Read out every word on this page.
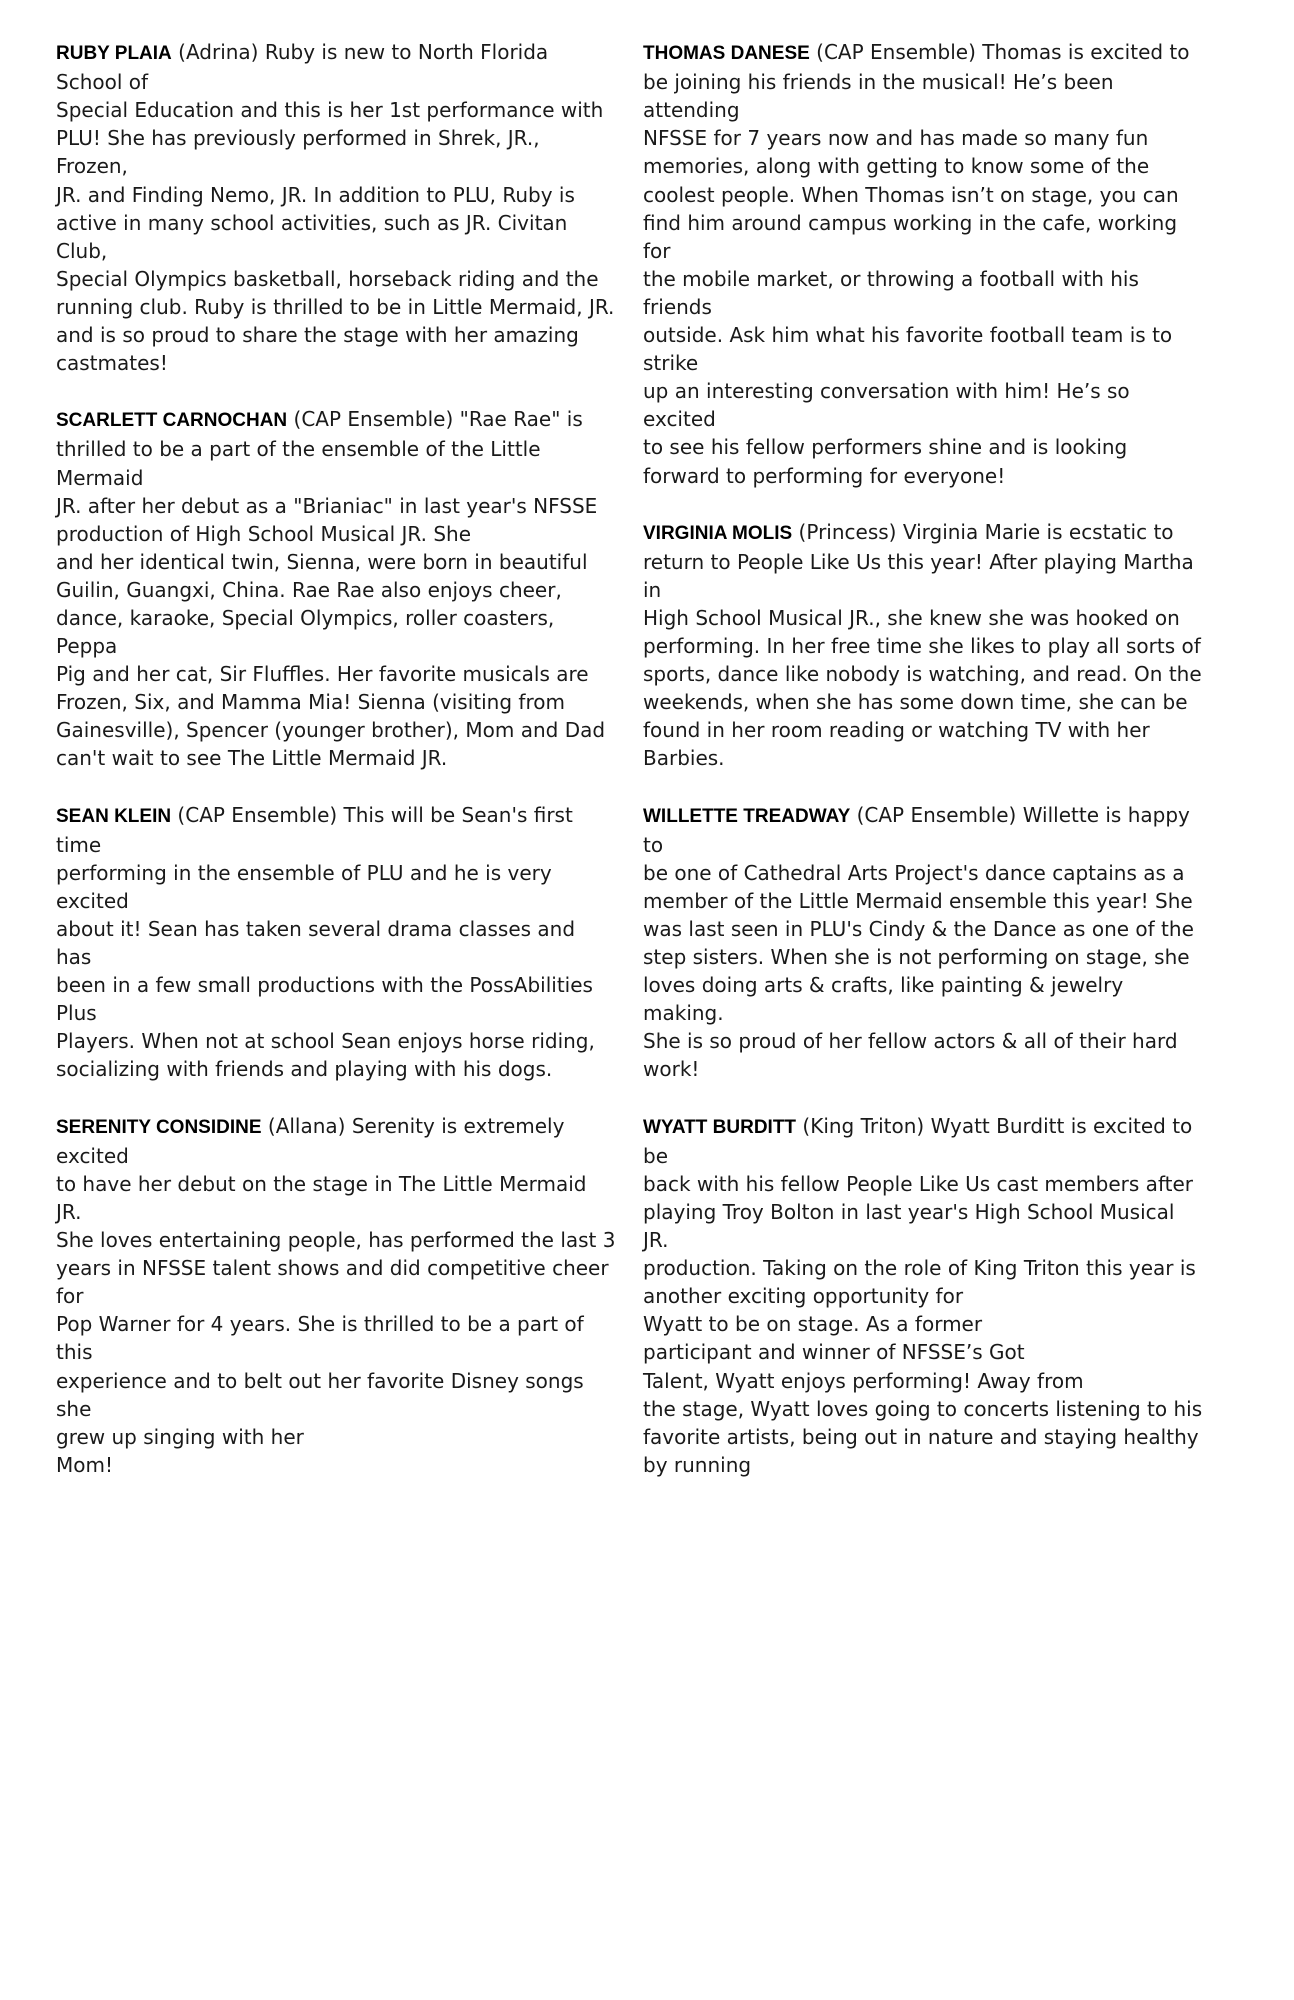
RUBY PLAIA (Adrina) Ruby is new to North Florida School of
Special Education and this is her 1st performance with
PLU! She has previously performed in Shrek, JR., Frozen,
JR. and Finding Nemo, JR. In addition to PLU, Ruby is
active in many school activities, such as JR. Civitan Club,
Special Olympics basketball, horseback riding and the
running club. Ruby is thrilled to be in Little Mermaid, JR.
and is so proud to share the stage with her amazing
castmates!

SCARLETT CARNOCHAN (CAP Ensemble) "Rae Rae" is
thrilled to be a part of the ensemble of the Little Mermaid
JR. after her debut as a "Brianiac" in last year's NFSSE
production of High School Musical JR. She
and her identical twin, Sienna, were born in beautiful
Guilin, Guangxi, China. Rae Rae also enjoys cheer,
dance, karaoke, Special Olympics, roller coasters, Peppa
Pig and her cat, Sir Fluffles. Her favorite musicals are
Frozen, Six, and Mamma Mia! Sienna (visiting from
Gainesville), Spencer (younger brother), Mom and Dad
can't wait to see The Little Mermaid JR.

SEAN KLEIN (CAP Ensemble) This will be Sean's first time
performing in the ensemble of PLU and he is very excited
about it! Sean has taken several drama classes and has
been in a few small productions with the PossAbilities Plus
Players. When not at school Sean enjoys horse riding,
socializing with friends and playing with his dogs.

SERENITY CONSIDINE (Allana) Serenity is extremely excited
to have her debut on the stage in The Little Mermaid JR.
She loves entertaining people, has performed the last 3
years in NFSSE talent shows and did competitive cheer for
Pop Warner for 4 years. She is thrilled to be a part of this
experience and to belt out her favorite Disney songs she
grew up singing with her
Mom!

THOMAS DANESE (CAP Ensemble) Thomas is excited to
be joining his friends in the musical! He’s been attending
NFSSE for 7 years now and has made so many fun
memories, along with getting to know some of the
coolest people. When Thomas isn’t on stage, you can
find him around campus working in the cafe, working for
the mobile market, or throwing a football with his friends
outside. Ask him what his favorite football team is to strike
up an interesting conversation with him! He’s so excited
to see his fellow performers shine and is looking
forward to performing for everyone!

VIRGINIA MOLIS (Princess) Virginia Marie is ecstatic to
return to People Like Us this year! After playing Martha in
High School Musical JR., she knew she was hooked on
performing. In her free time she likes to play all sorts of
sports, dance like nobody is watching, and read. On the
weekends, when she has some down time, she can be
found in her room reading or watching TV with her
Barbies.

WILLETTE TREADWAY (CAP Ensemble) Willette is happy to
be one of Cathedral Arts Project's dance captains as a
member of the Little Mermaid ensemble this year! She
was last seen in PLU's Cindy & the Dance as one of the
step sisters. When she is not performing on stage, she
loves doing arts & crafts, like painting & jewelry making.
She is so proud of her fellow actors & all of their hard
work!

WYATT BURDITT (King Triton) Wyatt Burditt is excited to be
back with his fellow People Like Us cast members after
playing Troy Bolton in last year's High School Musical JR.
production. Taking on the role of King Triton this year is
another exciting opportunity for
Wyatt to be on stage. As a former
participant and winner of NFSSE’s Got
Talent, Wyatt enjoys performing! Away from
the stage, Wyatt loves going to concerts listening to his
favorite artists, being out in nature and staying healthy
by running
